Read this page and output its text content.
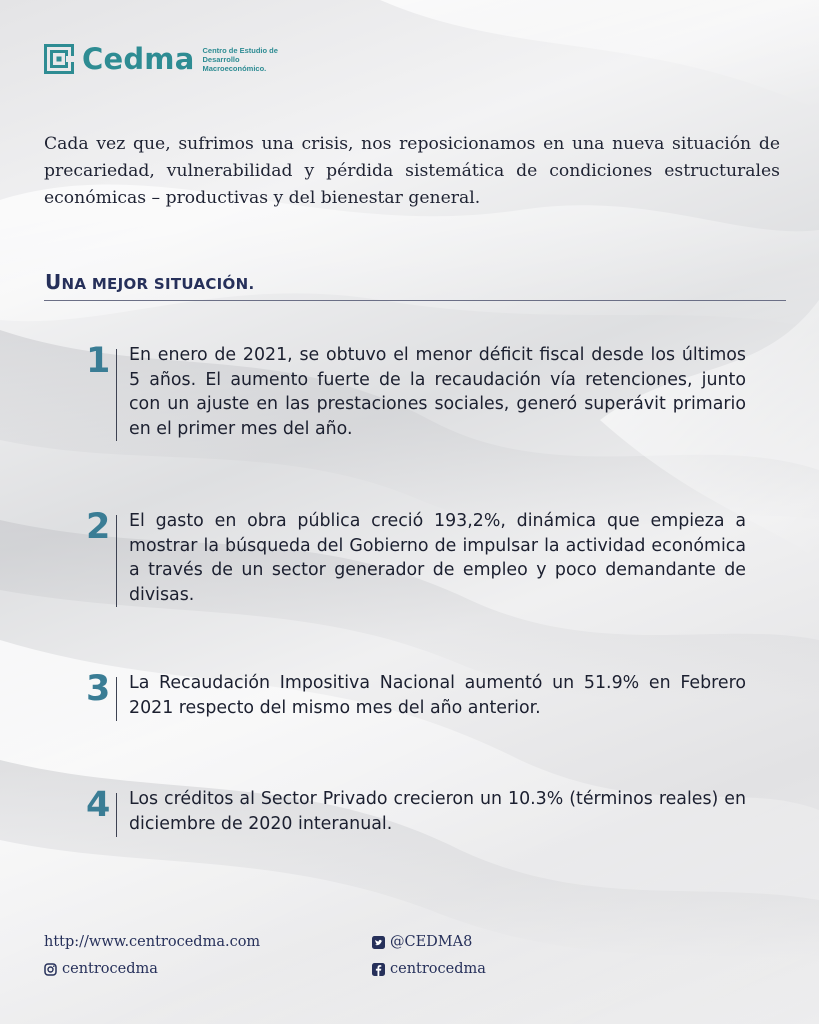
Cedma Centro de Estudio de
Desarrollo Macroeconómico.
Cada vez que, sufrimos una crisis, nos reposicionamos en una nueva situación de precariedad, vulnerabilidad y pérdida sistemática de condiciones estructurales económicas – productivas y del bienestar general.
UNA MEJOR SITUACIÓN.
1 En enero de 2021, se obtuvo el menor déficit fiscal desde los últimos 5 años. El aumento fuerte de la recaudación vía retenciones, junto con un ajuste en las prestaciones sociales, generó superávit primario en el primer mes del año.
2 El gasto en obra pública creció 193,2%, dinámica que empieza a mostrar la búsqueda del Gobierno de impulsar la actividad económica a través de un sector generador de empleo y poco demandante de divisas.
3 La Recaudación Impositiva Nacional aumentó un 51.9% en Febrero 2021 respecto del mismo mes del año anterior.
4 Los créditos al Sector Privado crecieron un 10.3% (términos reales) en diciembre de 2020 interanual.
http://www.centrocedma.com
centrocedma
@CEDMA8
centrocedma
